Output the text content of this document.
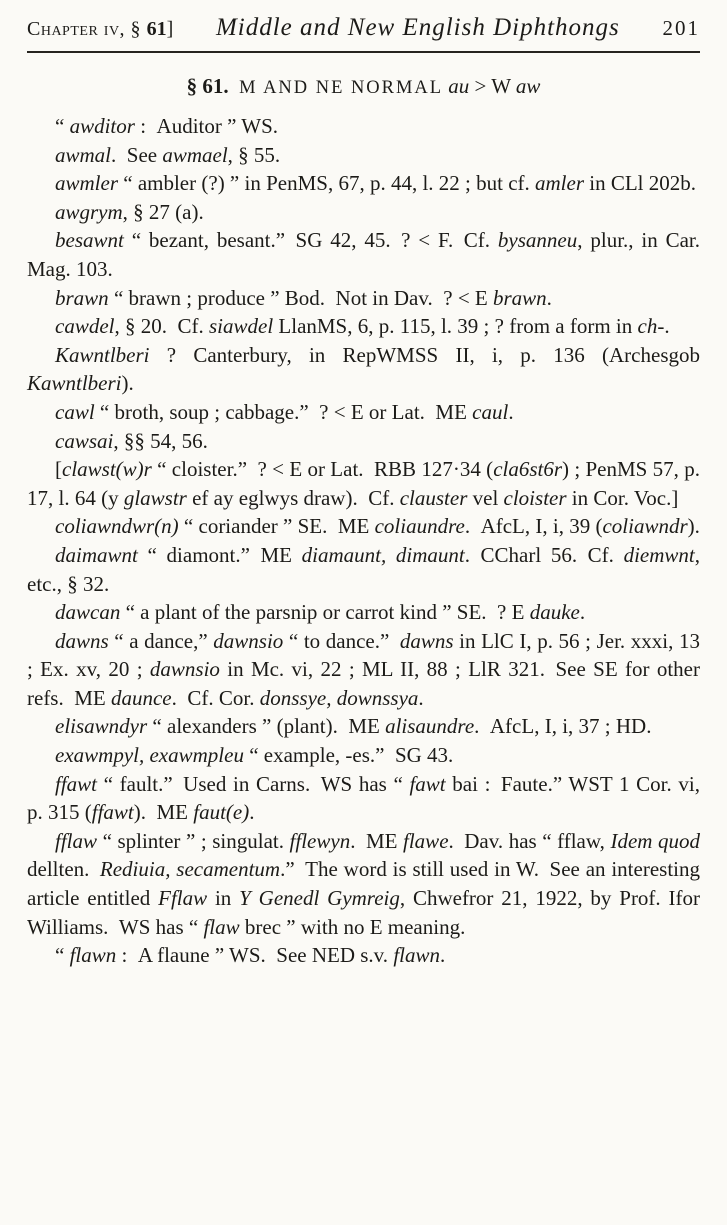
Chapter iv, § 61]	Middle and New English Diphthongs	201
§ 61.  M AND NE NORMAL au > W aw

“ awditor : Auditor ” WS.

awmal. See awmael, § 55.

awmler “ ambler (?) ” in PenMS, 67, p. 44, l. 22 ; but cf. amler in CLl 202b.

awgrym, § 27 (a).

besawnt “ bezant, besant.” SG 42, 45. ? < F. Cf. bysanneu, plur., in Car. Mag. 103.

brawn “ brawn ; produce ” Bod. Not in Dav. ? < E brawn.

cawdel, § 20. Cf. siawdel LlanMS, 6, p. 115, l. 39 ; ? from a form in ch-.

Kawntlberi ? Canterbury, in RepWMSS II, i, p. 136 (Archesgob Kawntlberi).

cawl “ broth, soup ; cabbage.” ? < E or Lat. ME caul.

cawsai, §§ 54, 56.

[clawst(w)r “ cloister.” ? < E or Lat. RBB 127·34 (cla6st6r) ; PenMS 57, p. 17, l. 64 (y glawstr ef ay eglwys draw). Cf. clauster vel cloister in Cor. Voc.]

coliawndwr(n) “ coriander ” SE. ME coliaundre. AfcL, I, i, 39 (coliawndr).

daimawnt “ diamont.” ME diamaunt, dimaunt. CCharl 56. Cf. diemwnt, etc., § 32.

dawcan “ a plant of the parsnip or carrot kind ” SE. ? E dauke.

dawns “ a dance,” dawnsio “ to dance.” dawns in LlC I, p. 56 ; Jer. xxxi, 13 ; Ex. xv, 20 ; dawnsio in Mc. vi, 22 ; ML II, 88 ; LlR 321. See SE for other refs. ME daunce. Cf. Cor. donssye, downssya.

elisawndyr “ alexanders ” (plant). ME alisaundre. AfcL, I, i, 37 ; HD.

exawmpyl, exawmpleu “ example, -es.” SG 43.

ffawt “ fault.” Used in Carns. WS has “ fawt bai : Faute.” WST 1 Cor. vi, p. 315 (ffawt). ME faut(e).

fflaw “ splinter ” ; singulat. fflewyn. ME flawe. Dav. has “ fflaw, Idem quod dellten. Rediuia, secamentum.” The word is still used in W. See an interesting article entitled Fflaw in Y Genedl Gymreig, Chwefror 21, 1922, by Prof. Ifor Williams. WS has “ flaw brec ” with no E meaning.

“ flawn : A flaune ” WS. See NED s.v. flawn.
